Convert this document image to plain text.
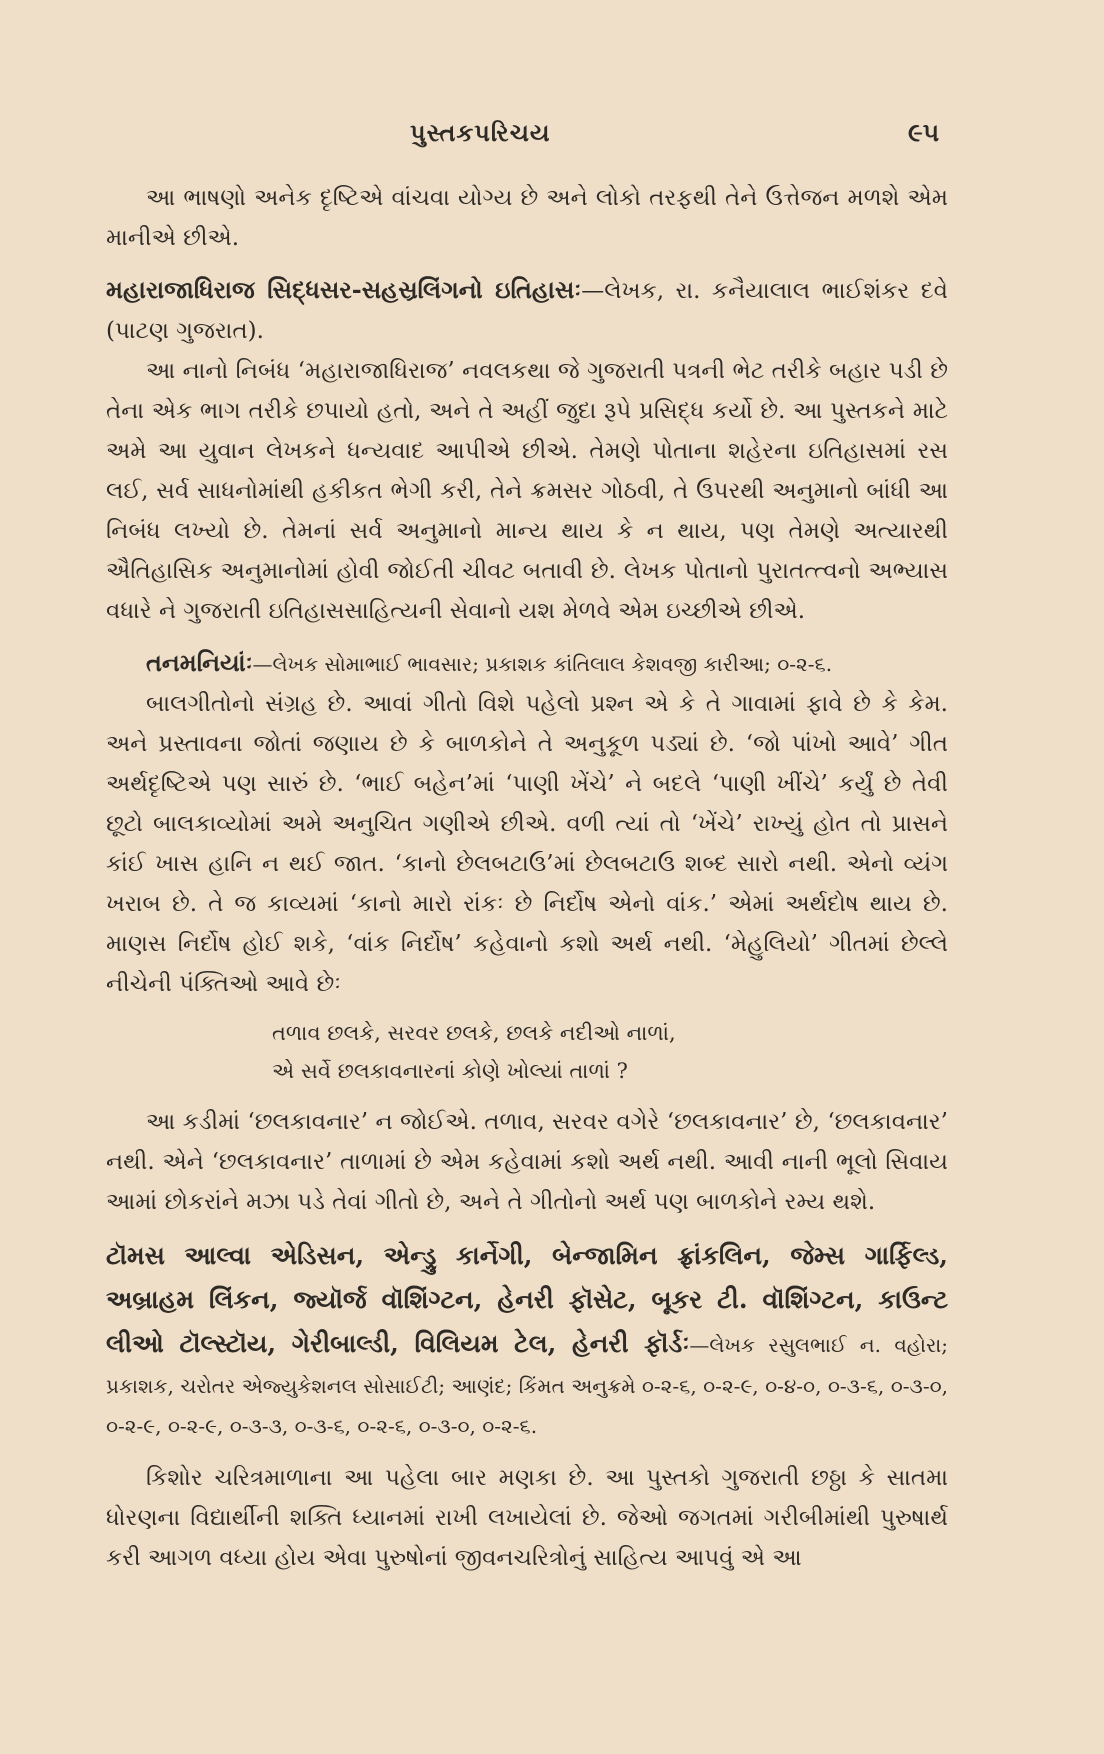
પુસ્તકપરિચય	૯૫

આ ભાષણો અનેક દૃષ્ટિએ વાંચવા યોગ્ય છે અને લોકો તરફથી તેને ઉત્તેજન મળશે એમ માનીએ છીએ.

મહારાજાધિરાજ સિદ્ધસર-સહસ્રલિંગનો ઇતિહાસઃ—લેખક, રા. કનૈયાલાલ ભાઈશંકર દવે (પાટણ ગુજરાત).

આ નાનો નિબંધ ‘મહારાજાધિરાજ’ નવલકથા જે ગુજરાતી પત્રની ભેટ તરીકે બહાર પડી છે તેના એક ભાગ તરીકે છપાયો હતો, અને તે અહીં જુદા રૂપે પ્રસિદ્ધ કર્યો છે. આ પુસ્તકને માટે અમે આ યુવાન લેખકને ધન્યવાદ આપીએ છીએ. તેમણે પોતાના શહેરના ઇતિહાસમાં રસ લઈ, સર્વ સાધનોમાંથી હકીકત ભેગી કરી, તેને ક્રમસર ગોઠવી, તે ઉપરથી અનુમાનો બાંધી આ નિબંધ લખ્યો છે. તેમનાં સર્વ અનુમાનો માન્ય થાય કે ન થાય, પણ તેમણે અત્યારથી ઐતિહાસિક અનુમાનોમાં હોવી જોઈતી ચીવટ બતાવી છે. લેખક પોતાનો પુરાતત્ત્વનો અભ્યાસ વધારે ને ગુજરાતી ઇતિહાસસાહિત્યની સેવાનો યશ મેળવે એમ ઇચ્છીએ છીએ.

તનમનિયાંઃ—લેખક સોમાભાઈ ભાવસાર; પ્રકાશક કાંતિલાલ કેશવજી કારીઆ; ૦-૨-૬.

બાલગીતોનો સંગ્રહ છે. આવાં ગીતો વિશે પહેલો પ્રશ્ન એ કે તે ગાવામાં ફાવે છે કે કેમ. અને પ્રસ્તાવના જોતાં જણાય છે કે બાળકોને તે અનુકૂળ પડ્યાં છે. ‘જો પાંખો આવે’ ગીત અર્થદૃષ્ટિએ પણ સારું છે. ‘ભાઈ બહેન’માં ‘પાણી ખેંચે’ ને બદલે ‘પાણી ખીંચે’ કર્યું છે તેવી છૂટો બાલકાવ્યોમાં અમે અનુચિત ગણીએ છીએ. વળી ત્યાં તો ‘ખેંચે’ રાખ્યું હોત તો પ્રાસને કાંઈ ખાસ હાનિ ન થઈ જાત. ‘કાનો છેલબટાઉ’માં છેલબટાઉ શબ્દ સારો નથી. એનો વ્યંગ ખરાબ છે. તે જ કાવ્યમાં ‘કાનો મારો રાંકઃ છે નિર્દોષ એનો વાંક.’ એમાં અર્થદોષ થાય છે. માણસ નિર્દોષ હોઈ શકે, ‘વાંક નિર્દોષ’ કહેવાનો કશો અર્થ નથી. ‘મેહુલિયો’ ગીતમાં છેલ્લે નીચેની પંક્તિઓ આવે છેઃ

તળાવ છલકે, સરવર છલકે, છલકે નદીઓ નાળાં,
એ સર્વે છલકાવનારનાં કોણે ખોલ્યાં તાળાં ?

આ કડીમાં ‘છલકાવનાર’ ન જોઈએ. તળાવ, સરવર વગેરે ‘છલકાવનાર’ છે, ‘છલકાવનાર’ નથી. એને ‘છલકાવનાર’ તાળામાં છે એમ કહેવામાં કશો અર્થ નથી. આવી નાની ભૂલો સિવાય આમાં છોકરાંને મઝા પડે તેવાં ગીતો છે, અને તે ગીતોનો અર્થ પણ બાળકોને રમ્ય થશે.

ટૉમસ આલ્વા એડિસન, એન્ડ્રુ કાર્નેગી, બેન્જામિન ફ્રાંકલિન, જેમ્સ ગાર્ફિલ્ડ, અબ્રાહમ લિંકન, જ્યૉર્જ વૉશિંગ્ટન, હેનરી ફૉસેટ, બૂકર ટી. વૉશિંગ્ટન, કાઉન્ટ લીઓ ટૉલ્સ્ટૉય, ગેરીબાલ્ડી, વિલિયમ ટેલ, હેનરી ફૉર્ડઃ—લેખક રસુલભાઈ ન. વહોરા; પ્રકાશક, ચરોતર એજ્યુકેશનલ સોસાઈટી; આણંદ; કિંમત અનુક્રમે ૦-૨-૬, ૦-૨-૯, ૦-૪-૦, ૦-૩-૬, ૦-૩-૦, ૦-૨-૯, ૦-૨-૯, ૦-૩-૩, ૦-૩-૬, ૦-૨-૬, ૦-૩-૦, ૦-૨-૬.

કિશોર ચરિત્રમાળાના આ પહેલા બાર મણકા છે. આ પુસ્તકો ગુજરાતી છઠ્ઠા કે સાતમા ધોરણના વિદ્યાર્થીની શક્તિ ધ્યાનમાં રાખી લખાયેલાં છે. જેઓ જગતમાં ગરીબીમાંથી પુરુષાર્થ કરી આગળ વધ્યા હોય એવા પુરુષોનાં જીવનચરિત્રોનું સાહિત્ય આપવું એ આ
